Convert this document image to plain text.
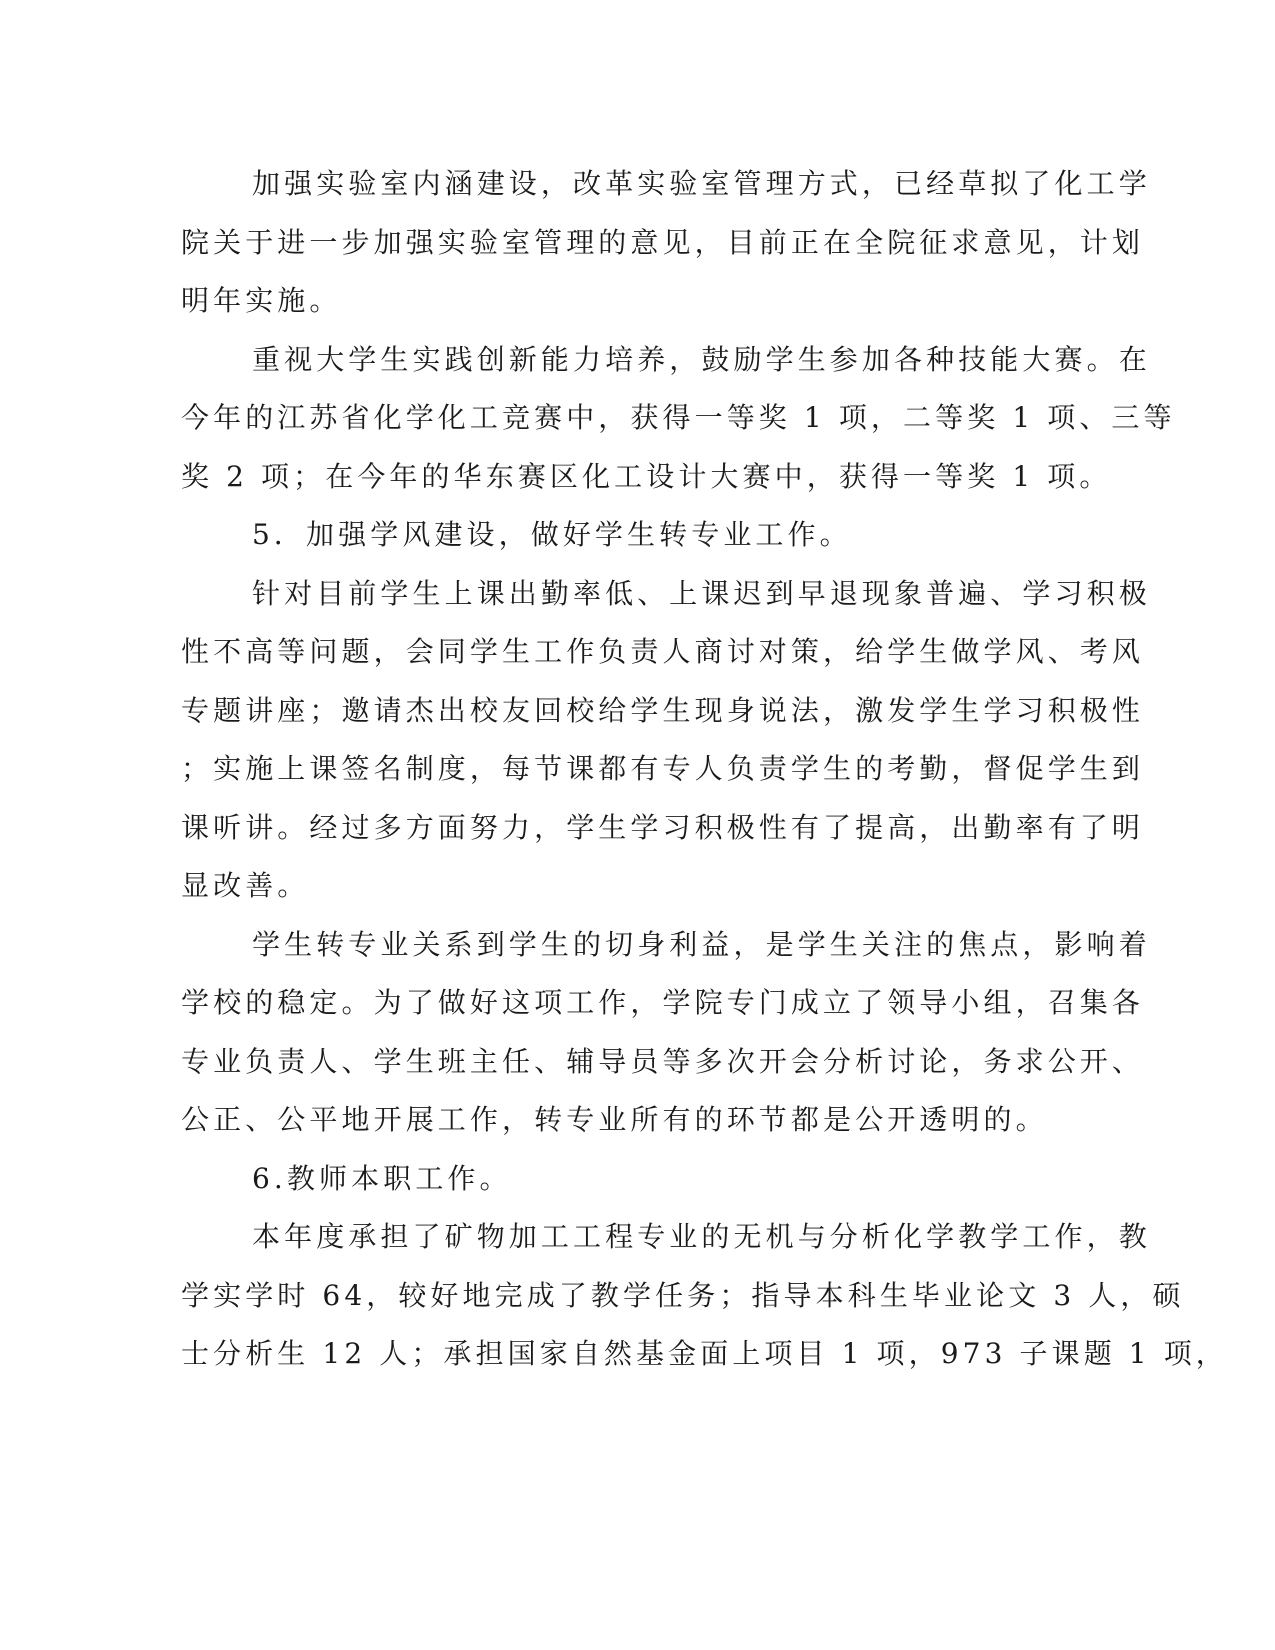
加强实验室内涵建设，改革实验室管理方式，已经草拟了化工学
院关于进一步加强实验室管理的意见，目前正在全院征求意见，计划
明年实施。
重视大学生实践创新能力培养，鼓励学生参加各种技能大赛。在
今年的江苏省化学化工竞赛中，获得一等奖 1 项，二等奖 1 项、三等
奖 2 项；在今年的华东赛区化工设计大赛中，获得一等奖 1 项。
5．加强学风建设，做好学生转专业工作。
针对目前学生上课出勤率低、上课迟到早退现象普遍、学习积极
性不高等问题，会同学生工作负责人商讨对策，给学生做学风、考风
专题讲座；邀请杰出校友回校给学生现身说法，激发学生学习积极性
；实施上课签名制度，每节课都有专人负责学生的考勤，督促学生到
课听讲。经过多方面努力，学生学习积极性有了提高，出勤率有了明
显改善。
学生转专业关系到学生的切身利益，是学生关注的焦点，影响着
学校的稳定。为了做好这项工作，学院专门成立了领导小组，召集各
专业负责人、学生班主任、辅导员等多次开会分析讨论，务求公开、
公正、公平地开展工作，转专业所有的环节都是公开透明的。
6.教师本职工作。
本年度承担了矿物加工工程专业的无机与分析化学教学工作，教
学实学时 64，较好地完成了教学任务；指导本科生毕业论文 3 人，硕
士分析生 12 人；承担国家自然基金面上项目 1 项，973 子课题 1 项，
